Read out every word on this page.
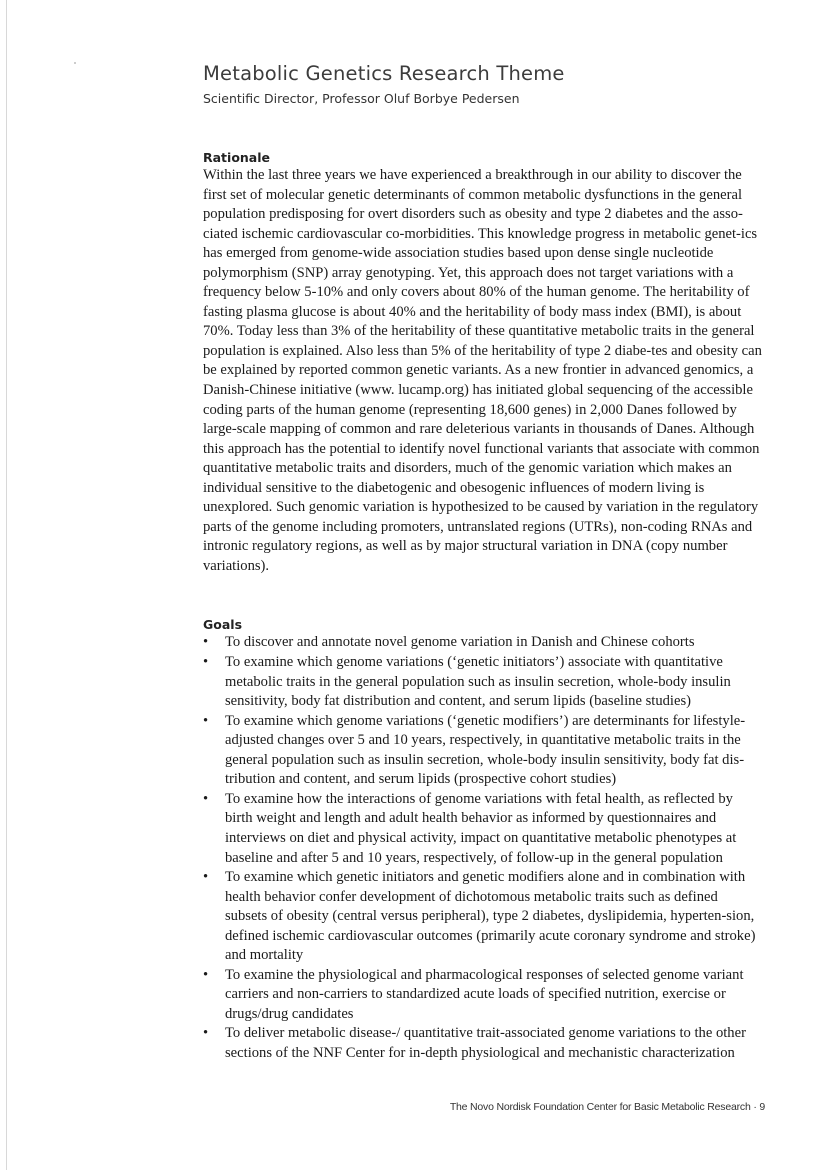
Metabolic Genetics Research Theme

Scientific Director, Professor Oluf Borbye Pedersen

Rationale

Within the last three years we have experienced a breakthrough in our ability to discover the first set of molecular genetic determinants of common metabolic dysfunctions in the general population predisposing for overt disorders such as obesity and type 2 diabetes and the asso-ciated ischemic cardiovascular co-morbidities. This knowledge progress in metabolic genet-ics has emerged from genome-wide association studies based upon dense single nucleotide polymorphism (SNP) array genotyping. Yet, this approach does not target variations with a frequency below 5-10% and only covers about 80% of the human genome. The heritability of fasting plasma glucose is about 40% and the heritability of body mass index (BMI), is about 70%. Today less than 3% of the heritability of these quantitative metabolic traits in the general population is explained. Also less than 5% of the heritability of type 2 diabe-tes and obesity can be explained by reported common genetic variants. As a new frontier in advanced genomics, a Danish-Chinese initiative (www. lucamp.org) has initiated global sequencing of the accessible coding parts of the human genome (representing 18,600 genes) in 2,000 Danes followed by large-scale mapping of common and rare deleterious variants in thousands of Danes. Although this approach has the potential to identify novel functional variants that associate with common quantitative metabolic traits and disorders, much of the genomic variation which makes an individual sensitive to the diabetogenic and obesogenic influences of modern living is unexplored. Such genomic variation is hypothesized to be caused by variation in the regulatory parts of the genome including promoters, untranslated regions (UTRs), non-coding RNAs and intronic regulatory regions, as well as by major structural variation in DNA (copy number variations).

Goals
• To discover and annotate novel genome variation in Danish and Chinese cohorts
• To examine which genome variations (‘genetic initiators’) associate with quantitative metabolic traits in the general population such as insulin secretion, whole-body insulin sensitivity, body fat distribution and content, and serum lipids (baseline studies)
• To examine which genome variations (‘genetic modifiers’) are determinants for lifestyle-adjusted changes over 5 and 10 years, respectively, in quantitative metabolic traits in the general population such as insulin secretion, whole-body insulin sensitivity, body fat dis-tribution and content, and serum lipids (prospective cohort studies)
• To examine how the interactions of genome variations with fetal health, as reflected by birth weight and length and adult health behavior as informed by questionnaires and interviews on diet and physical activity, impact on quantitative metabolic phenotypes at baseline and after 5 and 10 years, respectively, of follow-up in the general population
• To examine which genetic initiators and genetic modifiers alone and in combination with health behavior confer development of dichotomous metabolic traits such as defined subsets of obesity (central versus peripheral), type 2 diabetes, dyslipidemia, hyperten-sion, defined ischemic cardiovascular outcomes (primarily acute coronary syndrome and stroke) and mortality
• To examine the physiological and pharmacological responses of selected genome variant carriers and non-carriers to standardized acute loads of specified nutrition, exercise or drugs/drug candidates
• To deliver metabolic disease-/ quantitative trait-associated genome variations to the other sections of the NNF Center for in-depth physiological and mechanistic characterization
The Novo Nordisk Foundation Center for Basic Metabolic Research · 9
